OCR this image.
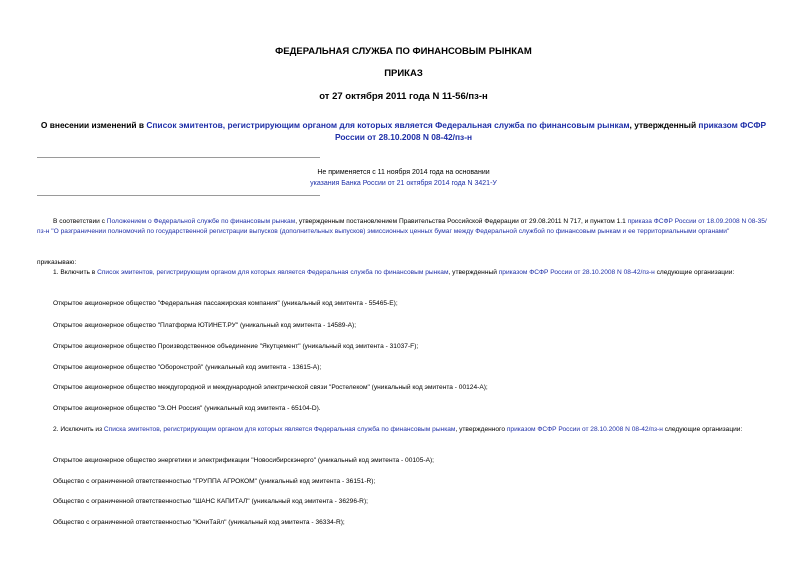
ФЕДЕРАЛЬНАЯ СЛУЖБА ПО ФИНАНСОВЫМ РЫНКАМ
ПРИКАЗ
от 27 октября 2011 года N 11-56/пз-н
О внесении изменений в Список эмитентов, регистрирующим органом для которых является Федеральная служба по финансовым рынкам, утвержденный приказом ФСФР России от 28.10.2008 N 08-42/пз-н
Не применяется с 11 ноября 2014 года на основании
указания Банка России от 21 октября 2014 года N 3421-У
В соответствии с Положением о Федеральной службе по финансовым рынкам, утвержденным постановлением Правительства Российской Федерации от 29.08.2011 N 717, и пунктом 1.1 приказа ФСФР России от 18.09.2008 N 08-35/пз-н "О разграничении полномочий по государственной регистрации выпусков (дополнительных выпусков) эмиссионных ценных бумаг между Федеральной службой по финансовым рынкам и ее территориальными органами"
приказываю:
1. Включить в Список эмитентов, регистрирующим органом для которых является Федеральная служба по финансовым рынкам, утвержденный приказом ФСФР России от 28.10.2008 N 08-42/пз-н следующие организации:
Открытое акционерное общество "Федеральная пассажирская компания" (уникальный код эмитента - 55465-Е);
Открытое акционерное общество "Платформа ЮТИНЕТ.РУ" (уникальный код эмитента - 14589-А);
Открытое акционерное общество Производственное объединение "Якутцемент" (уникальный код эмитента - 31037-F);
Открытое акционерное общество "Оборонстрой" (уникальный код эмитента - 13615-А);
Открытое акционерное общество междугородной и международной электрической связи "Ростелеком" (уникальный код эмитента - 00124-А);
Открытое акционерное общество "Э.ОН Россия" (уникальный код эмитента - 65104-D).
2. Исключить из Списка эмитентов, регистрирующим органом для которых является Федеральная служба по финансовым рынкам, утвержденного приказом ФСФР России от 28.10.2008 N 08-42/пз-н следующие организации:
Открытое акционерное общество энергетики и электрификации "Новосибирскэнерго" (уникальный код эмитента - 00105-А);
Общество с ограниченной ответственностью "ГРУППА АГРОКОМ" (уникальный код эмитента - 36151-R);
Общество с ограниченной ответственностью "ШАНС КАПИТАЛ" (уникальный код эмитента - 36296-R);
Общество с ограниченной ответственностью "ЮниТайл" (уникальный код эмитента - 36334-R);
